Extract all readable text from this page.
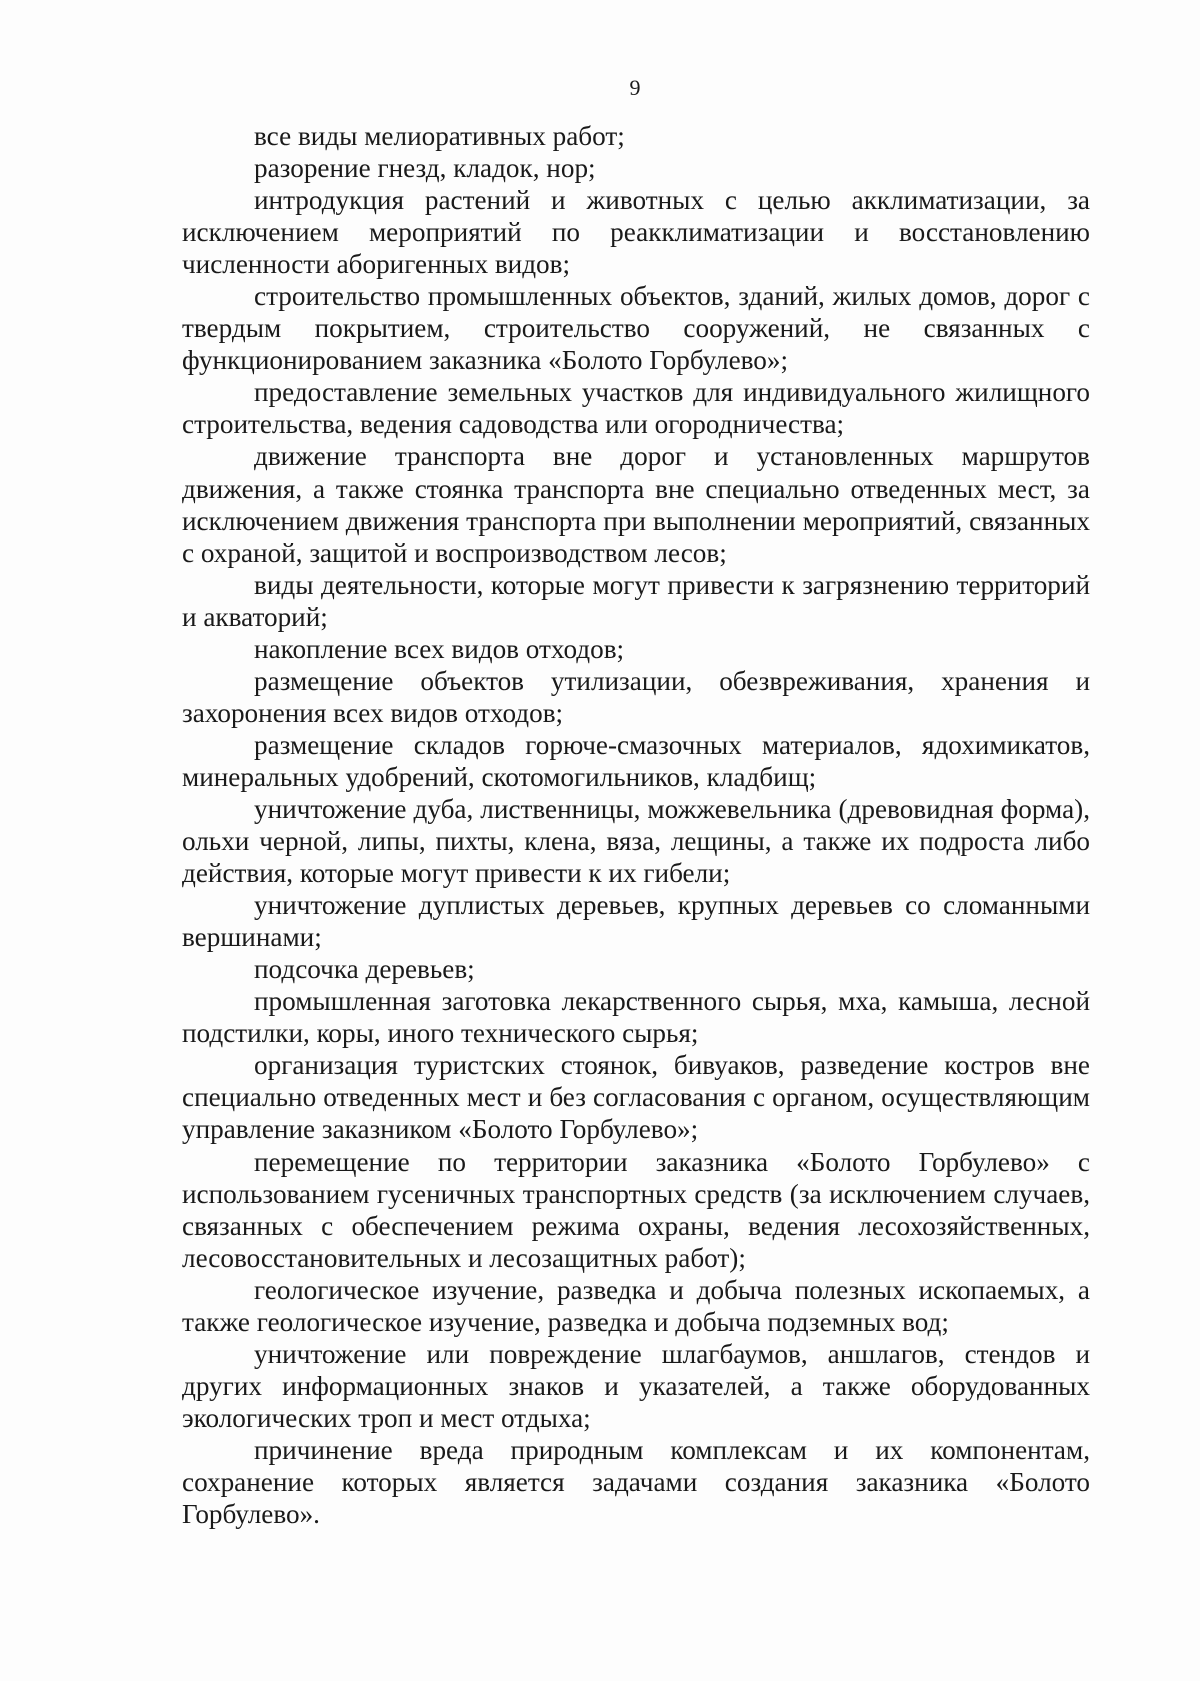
9

все виды мелиоративных работ;

разорение гнезд, кладок, нор;

интродукция растений и животных с целью акклиматизации, за исключением мероприятий по реакклиматизации и восстановлению численности аборигенных видов;

строительство промышленных объектов, зданий, жилых домов, дорог с твердым покрытием, строительство сооружений, не связанных с функционированием заказника «Болото Горбулево»;

предоставление земельных участков для индивидуального жилищного строительства, ведения садоводства или огородничества;

движение транспорта вне дорог и установленных маршрутов движения, а также стоянка транспорта вне специально отведенных мест, за исключением движения транспорта при выполнении мероприятий, связанных с охраной, защитой и воспроизводством лесов;

виды деятельности, которые могут привести к загрязнению территорий и акваторий;

накопление всех видов отходов;

размещение объектов утилизации, обезвреживания, хранения и захоронения всех видов отходов;

размещение складов горюче-смазочных материалов, ядохимикатов, минеральных удобрений, скотомогильников, кладбищ;

уничтожение дуба, лиственницы, можжевельника (древовидная форма), ольхи черной, липы, пихты, клена, вяза, лещины, а также их подроста либо действия, которые могут привести к их гибели;

уничтожение дуплистых деревьев, крупных деревьев со сломанными вершинами;

подсочка деревьев;

промышленная заготовка лекарственного сырья, мха, камыша, лесной подстилки, коры, иного технического сырья;

организация туристских стоянок, бивуаков, разведение костров вне специально отведенных мест и без согласования с органом, осуществляющим управление заказником «Болото Горбулево»;

перемещение по территории заказника «Болото Горбулево» с использованием гусеничных транспортных средств (за исключением случаев, связанных с обеспечением режима охраны, ведения лесохозяйственных, лесовосстановительных и лесозащитных работ);

геологическое изучение, разведка и добыча полезных ископаемых, а также геологическое изучение, разведка и добыча подземных вод;

уничтожение или повреждение шлагбаумов, аншлагов, стендов и других информационных знаков и указателей, а также оборудованных экологических троп и мест отдыха;

причинение вреда природным комплексам и их компонентам, сохранение которых является задачами создания заказника «Болото Горбулево».
